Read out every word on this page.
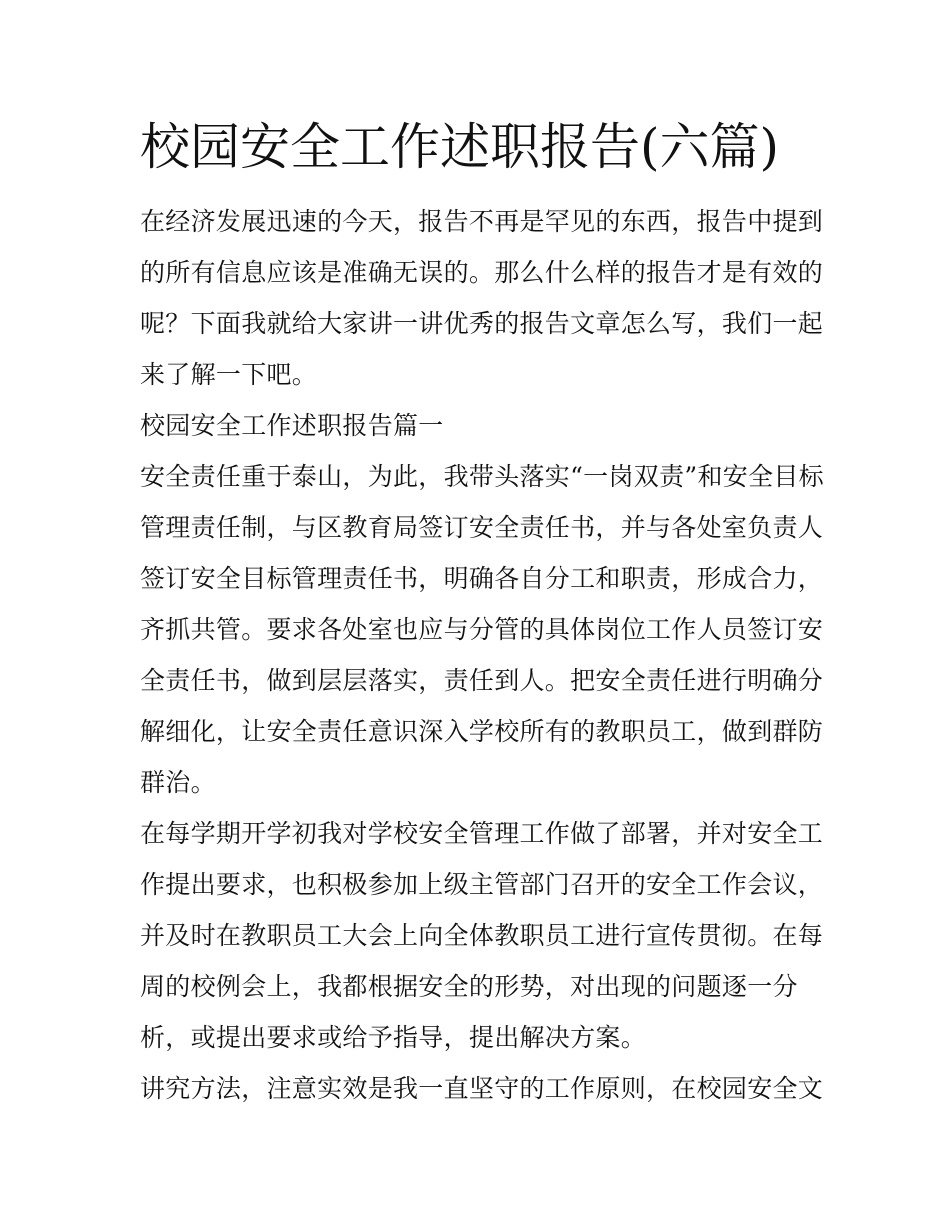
校园安全工作述职报告(六篇)

在经济发展迅速的今天，报告不再是罕见的东西，报告中提到

的所有信息应该是准确无误的。那么什么样的报告才是有效的

呢？下面我就给大家讲一讲优秀的报告文章怎么写，我们一起

来了解一下吧。

校园安全工作述职报告篇一

安全责任重于泰山，为此，我带头落实“一岗双责”和安全目标

管理责任制，与区教育局签订安全责任书，并与各处室负责人

签订安全目标管理责任书，明确各自分工和职责，形成合力，

齐抓共管。要求各处室也应与分管的具体岗位工作人员签订安

全责任书，做到层层落实，责任到人。把安全责任进行明确分

解细化，让安全责任意识深入学校所有的教职员工，做到群防

群治。

在每学期开学初我对学校安全管理工作做了部署，并对安全工

作提出要求，也积极参加上级主管部门召开的安全工作会议，

并及时在教职员工大会上向全体教职员工进行宣传贯彻。在每

周的校例会上，我都根据安全的形势，对出现的问题逐一分

析，或提出要求或给予指导，提出解决方案。

讲究方法，注意实效是我一直坚守的工作原则，在校园安全文
